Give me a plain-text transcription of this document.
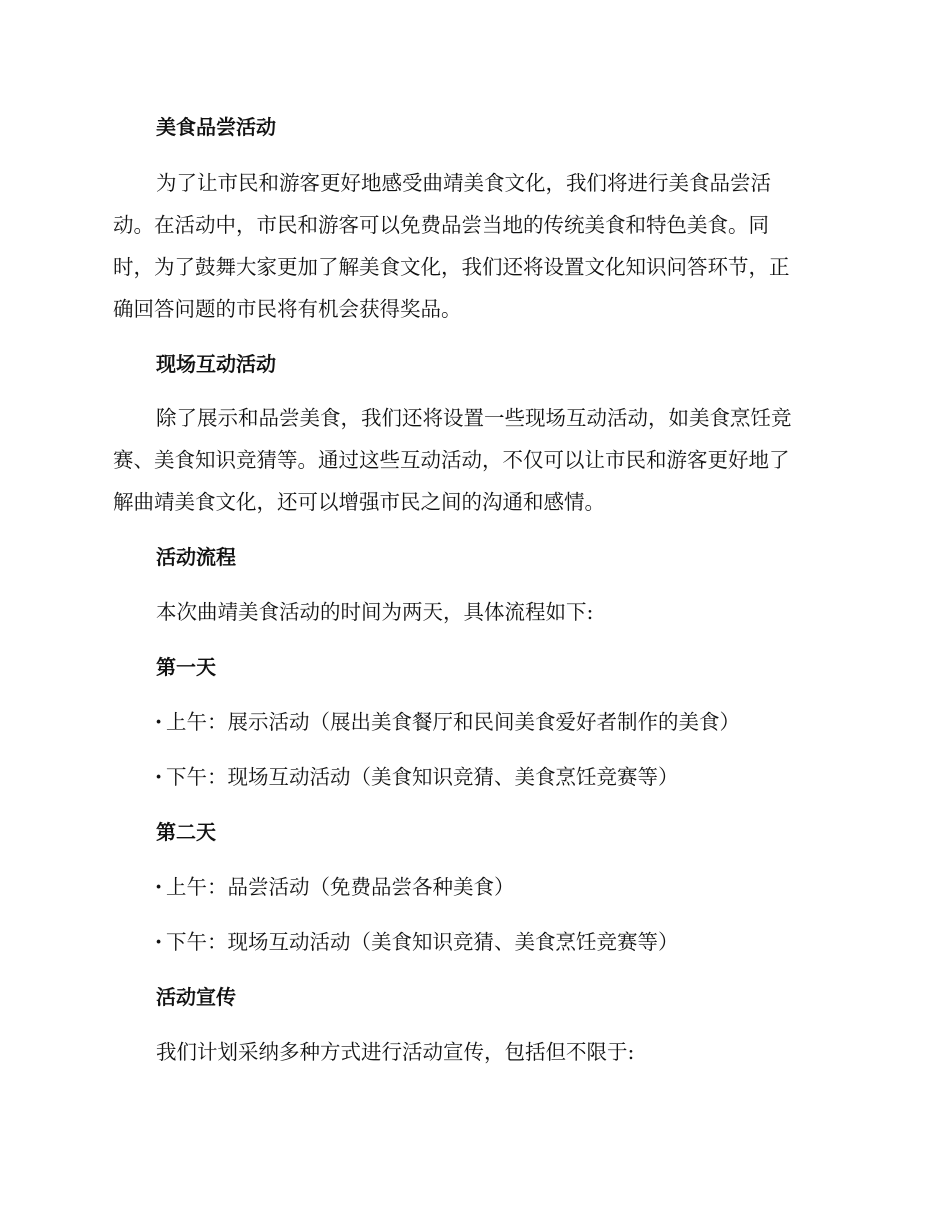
美食品尝活动
为了让市民和游客更好地感受曲靖美食文化，我们将进行美食品尝活
动。在活动中，市民和游客可以免费品尝当地的传统美食和特色美食。同
时，为了鼓舞大家更加了解美食文化，我们还将设置文化知识问答环节，正
确回答问题的市民将有机会获得奖品。
现场互动活动
除了展示和品尝美食，我们还将设置一些现场互动活动，如美食烹饪竞
赛、美食知识竞猜等。通过这些互动活动，不仅可以让市民和游客更好地了
解曲靖美食文化，还可以增强市民之间的沟通和感情。
活动流程
本次曲靖美食活动的时间为两天，具体流程如下:
第一天
· 上午：展示活动（展出美食餐厅和民间美食爱好者制作的美食）
· 下午：现场互动活动（美食知识竞猜、美食烹饪竞赛等）
第二天
· 上午：品尝活动（免费品尝各种美食）
· 下午：现场互动活动（美食知识竞猜、美食烹饪竞赛等）
活动宣传
我们计划采纳多种方式进行活动宣传，包括但不限于:
